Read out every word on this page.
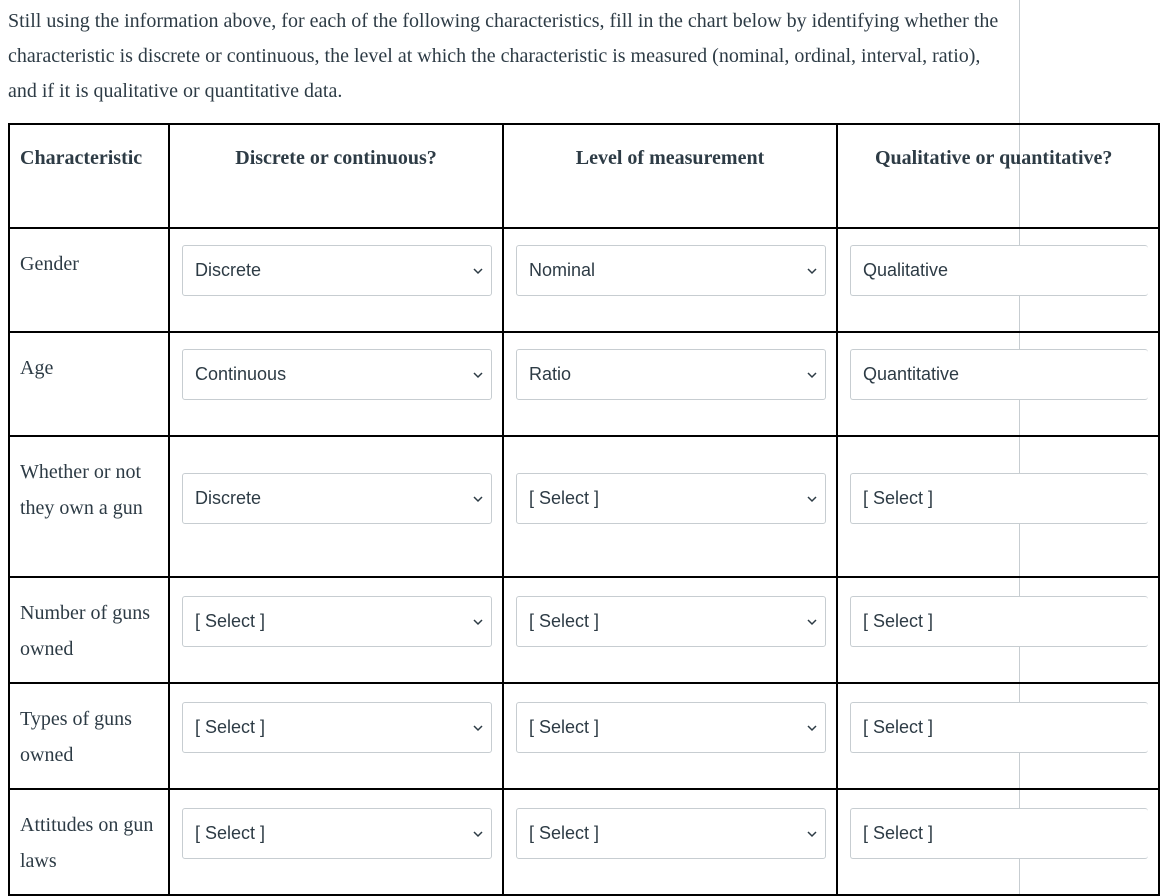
Still using the information above, for each of the following characteristics, fill in the chart below by identifying whether the characteristic is discrete or continuous, the level at which the characteristic is measured (nominal, ordinal, interval, ratio), and if it is qualitative or quantitative data.

Characteristic	Discrete or continuous?	Level of measurement	Qualitative or quantitative?
Gender	Discrete	Nominal	Qualitative

Age	Continuous	Ratio	Quantitative

Whether or not they own a gun	Discrete	[ Select ]	[ Select ]

Number of guns owned	[ Select ]	[ Select ]	[ Select ]

Types of guns owned	[ Select ]	[ Select ]	[ Select ]

Attitudes on gun laws	[ Select ]	[ Select ]	[ Select ]
